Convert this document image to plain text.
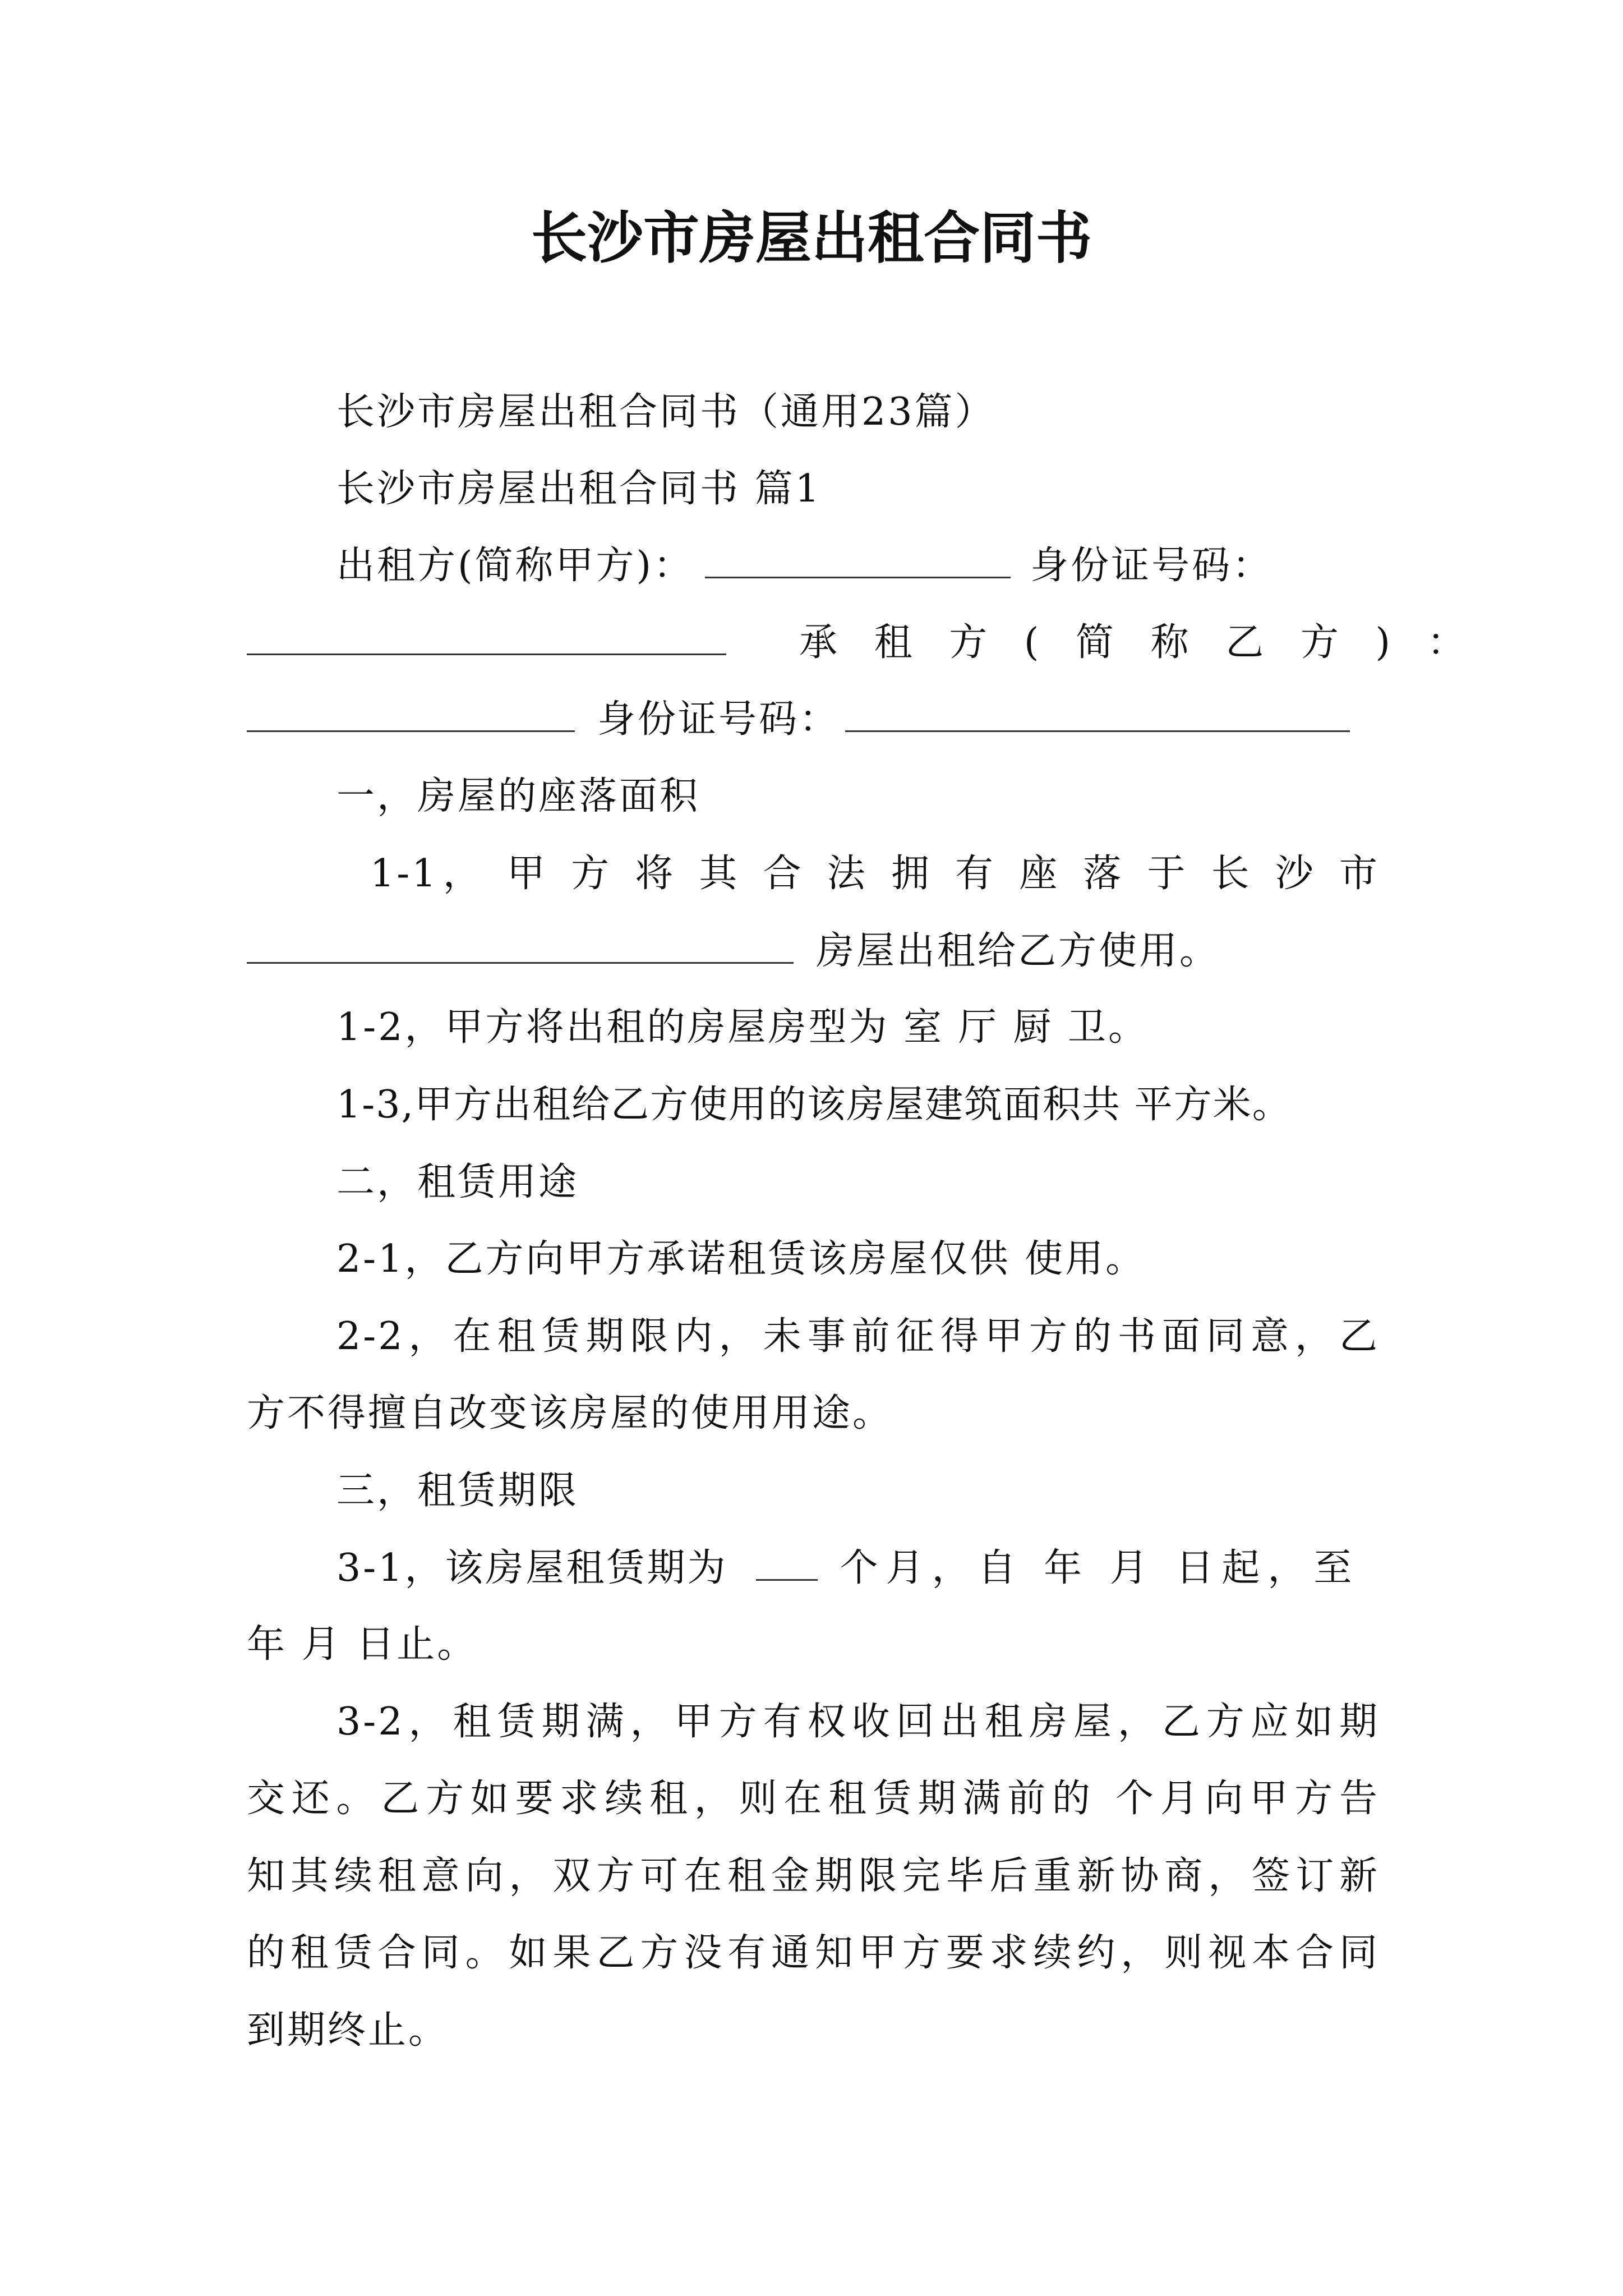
长沙市房屋出租合同书
长沙市房屋出租合同书（通用23篇）
长沙市房屋出租合同书 篇1
出租方(简称甲方)：	身份证号码：
承 租 方 ( 简 称 乙 方 ) ：
身份证号码：
一，房屋的座落面积
1-1， 甲 方 将 其 合 法 拥 有 座 落 于 长 沙 市
房屋出租给乙方使用。
1-2，甲方将出租的房屋房型为 室 厅 厨 卫。
1-3,甲方出租给乙方使用的该房屋建筑面积共 平方米。
二，租赁用途
2-1，乙方向甲方承诺租赁该房屋仅供 使用。
2-2，在租赁期限内，未事前征得甲方的书面同意，乙
方不得擅自改变该房屋的使用用途。
三，租赁期限
3-1，该房屋租赁期为	个月，自 年 月 日起，至
年 月 日止。
3-2，租赁期满，甲方有权收回出租房屋，乙方应如期
交还。乙方如要求续租，则在租赁期满前的 个月向甲方告
知其续租意向，双方可在租金期限完毕后重新协商，签订新
的租赁合同。如果乙方没有通知甲方要求续约，则视本合同
到期终止。
